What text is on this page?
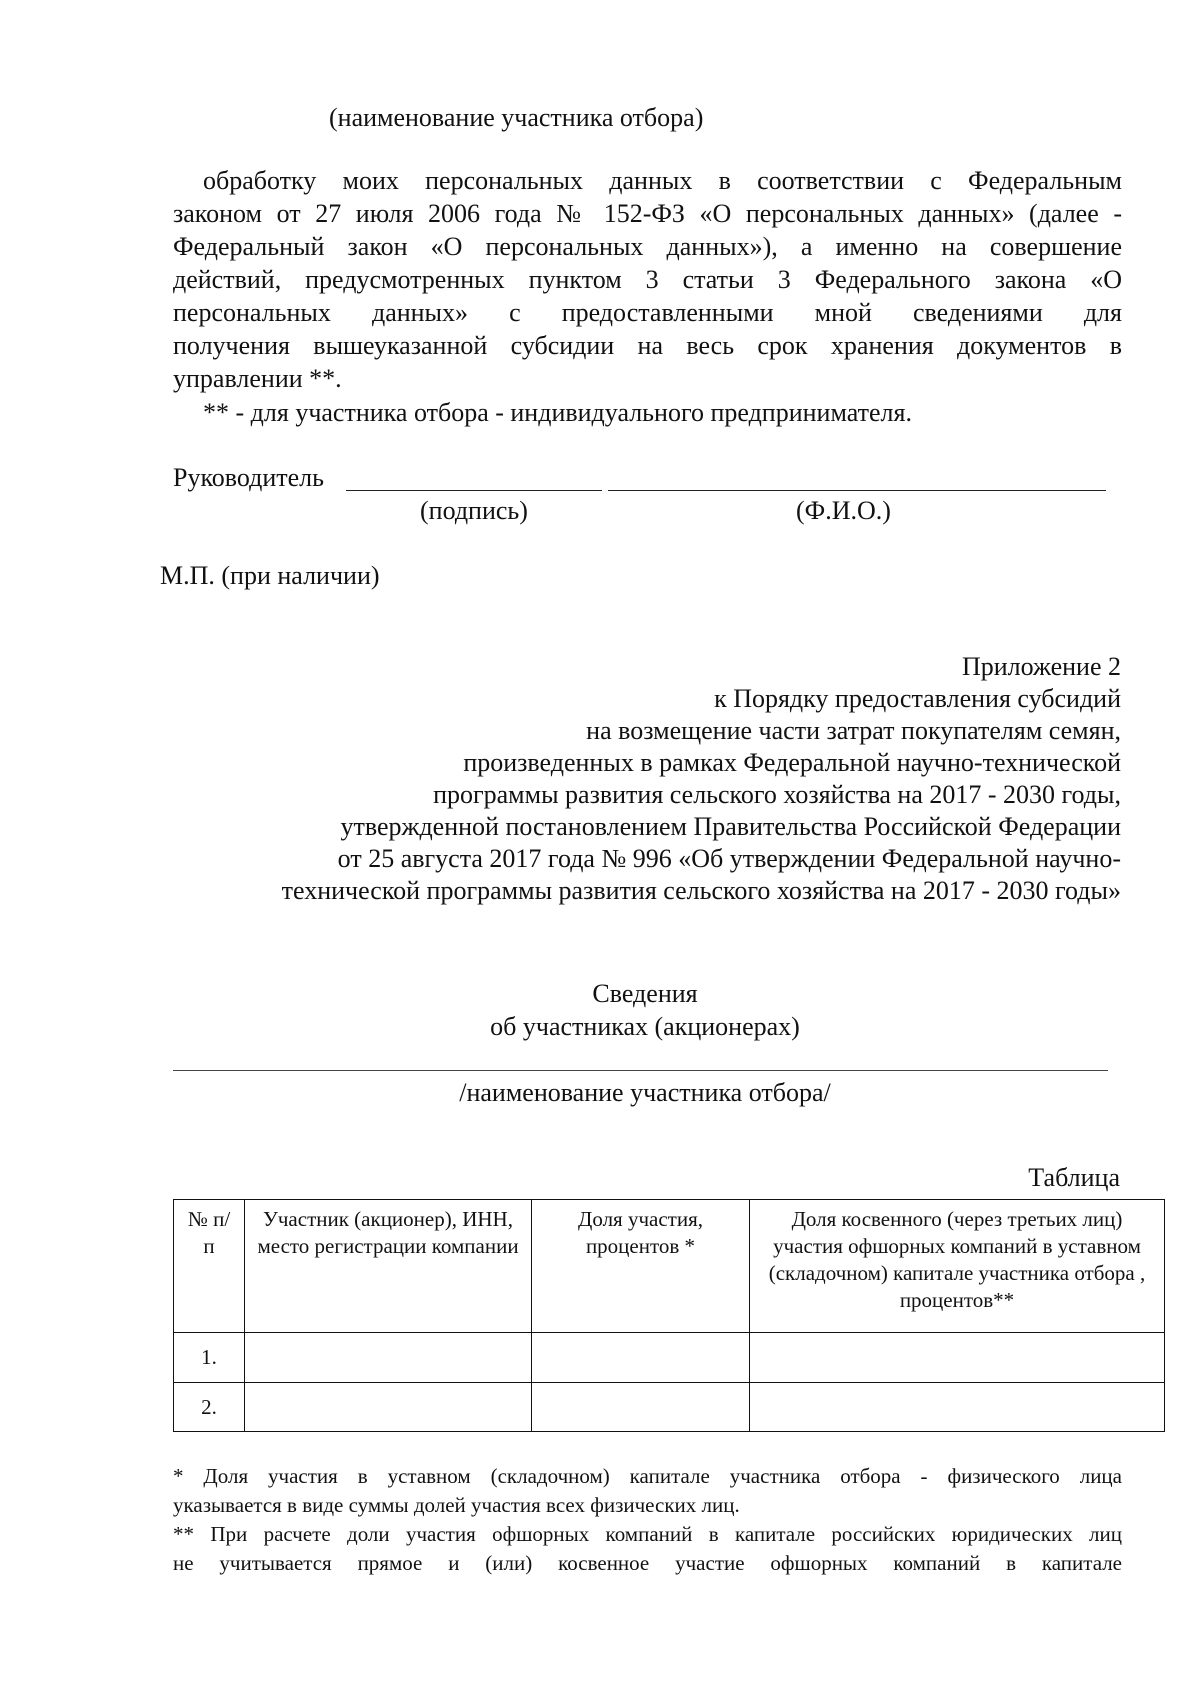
(наименование участника отбора)
обработку моих персональных данных в соответствии с Федеральным
законом от 27 июля 2006 года № 152-ФЗ «О персональных данных» (далее -
Федеральный закон «О персональных данных»), а именно на совершение
действий, предусмотренных пунктом 3 статьи 3 Федерального закона «О
персональных данных» с предоставленными мной сведениями для
получения вышеуказанной субсидии на весь срок хранения документов в
управлении **.
** - для участника отбора - индивидуального предпринимателя.
Руководитель
(подпись)	(Ф.И.О.)
М.П. (при наличии)
Приложение 2
к Порядку предоставления субсидий
на возмещение части затрат покупателям семян,
произведенных в рамках Федеральной научно-технической
программы развития сельского хозяйства на 2017 - 2030 годы,
утвержденной постановлением Правительства Российской Федерации
от 25 августа 2017 года № 996 «Об утверждении Федеральной научно-
технической программы развития сельского хозяйства на 2017 - 2030 годы»
Сведения
об участниках (акционерах)
/наименование участника отбора/
Таблица
№ п/п	Участник (акционер), ИНН, место регистрации компании	Доля участия, процентов *	Доля косвенного (через третьих лиц) участия офшорных компаний в уставном (складочном) капитале участника отбора , процентов**
1.			
2.			
* Доля участия в уставном (складочном) капитале участника отбора - физического лица
указывается в виде суммы долей участия всех физических лиц.
** При расчете доли участия офшорных компаний в капитале российских юридических лиц
не учитывается прямое и (или) косвенное участие офшорных компаний в капитале
